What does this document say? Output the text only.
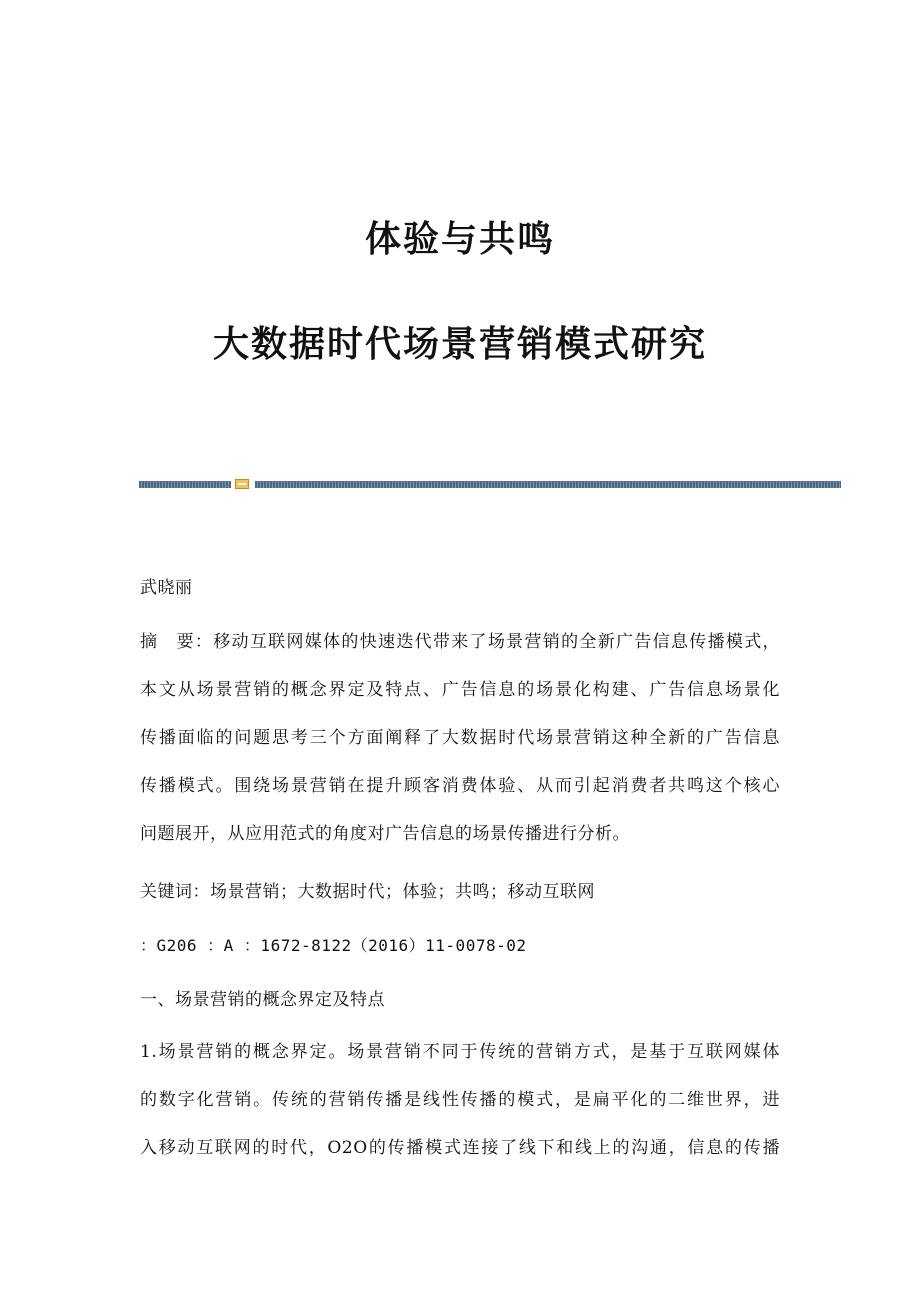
体验与共鸣
大数据时代场景营销模式研究
武晓丽

摘　要：移动互联网媒体的快速迭代带来了场景营销的全新广告信息传播模式，

本文从场景营销的概念界定及特点、广告信息的场景化构建、广告信息场景化

传播面临的问题思考三个方面阐释了大数据时代场景营销这种全新的广告信息

传播模式。围绕场景营销在提升顾客消费体验、从而引起消费者共鸣这个核心

问题展开，从应用范式的角度对广告信息的场景传播进行分析。

关键词：场景营销；大数据时代；体验；共鸣；移动互联网
：G206 ：A ：1672-8122（2016）11-0078-02
一、场景营销的概念界定及特点

1.场景营销的概念界定。场景营销不同于传统的营销方式，是基于互联网媒体

的数字化营销。传统的营销传播是线性传播的模式，是扁平化的二维世界，进

入移动互联网的时代，O2O的传播模式连接了线下和线上的沟通，信息的传播
